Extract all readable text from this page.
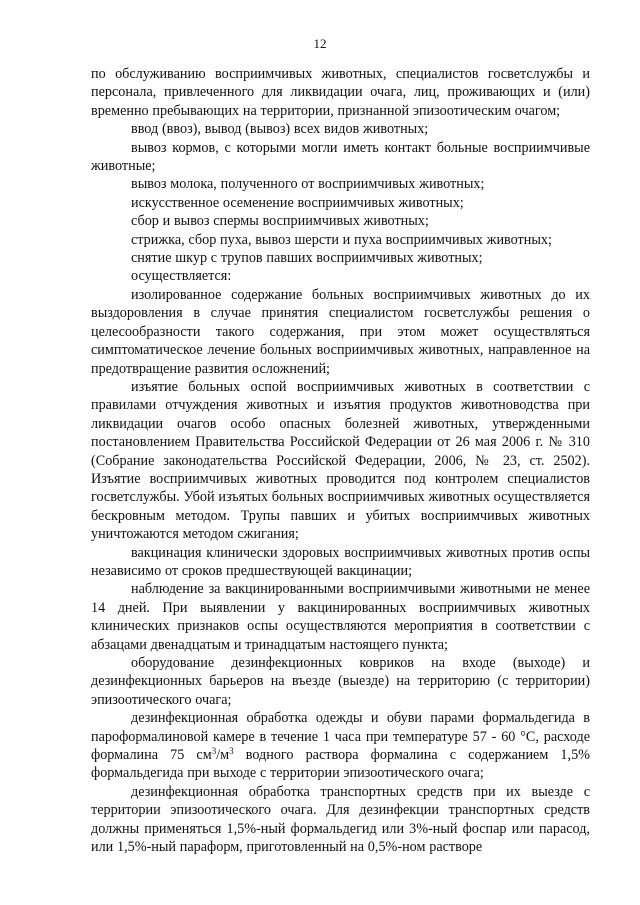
12

по обслуживанию восприимчивых животных, специалистов госветслужбы и персонала, привлеченного для ликвидации очага, лиц, проживающих и (или) временно пребывающих на территории, признанной эпизоотическим очагом;

ввод (ввоз), вывод (вывоз) всех видов животных;

вывоз кормов, с которыми могли иметь контакт больные восприимчивые животные;

вывоз молока, полученного от восприимчивых животных;

искусственное осеменение восприимчивых животных;

сбор и вывоз спермы восприимчивых животных;

стрижка, сбор пуха, вывоз шерсти и пуха восприимчивых животных;

снятие шкур с трупов павших восприимчивых животных;

осуществляется:

изолированное содержание больных восприимчивых животных до их выздоровления в случае принятия специалистом госветслужбы решения о целесообразности такого содержания, при этом может осуществляться симптоматическое лечение больных восприимчивых животных, направленное на предотвращение развития осложнений;

изъятие больных оспой восприимчивых животных в соответствии с правилами отчуждения животных и изъятия продуктов животноводства при ликвидации очагов особо опасных болезней животных, утвержденными постановлением Правительства Российской Федерации от 26 мая 2006 г. № 310 (Собрание законодательства Российской Федерации, 2006, № 23, ст. 2502). Изъятие восприимчивых животных проводится под контролем специалистов госветслужбы. Убой изъятых больных восприимчивых животных осуществляется бескровным методом. Трупы павших и убитых восприимчивых животных уничтожаются методом сжигания;

вакцинация клинически здоровых восприимчивых животных против оспы независимо от сроков предшествующей вакцинации;

наблюдение за вакцинированными восприимчивыми животными не менее 14 дней. При выявлении у вакцинированных восприимчивых животных клинических признаков оспы осуществляются мероприятия в соответствии с абзацами двенадцатым и тринадцатым настоящего пункта;

оборудование дезинфекционных ковриков на входе (выходе) и дезинфекционных барьеров на въезде (выезде) на территорию (с территории) эпизоотического очага;

дезинфекционная обработка одежды и обуви парами формальдегида в пароформалиновой камере в течение 1 часа при температуре 57 - 60 °С, расходе формалина 75 $см^3/м^3$ водного раствора формалина с содержанием 1,5% формальдегида при выходе с территории эпизоотического очага;

дезинфекционная обработка транспортных средств при их выезде с территории эпизоотического очага. Для дезинфекции транспортных средств должны применяться 1,5%-ный формальдегид или 3%-ный фоспар или парасод, или 1,5%-ный параформ, приготовленный на 0,5%-ном растворе
